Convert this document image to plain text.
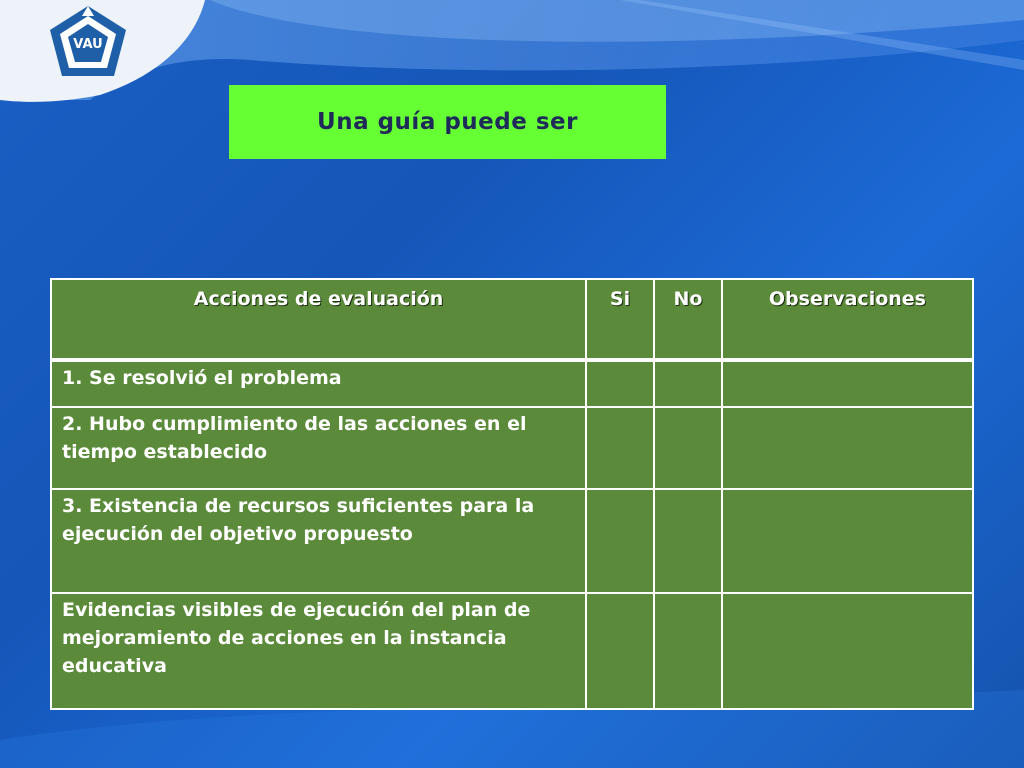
VAU
Una guía puede ser
Acciones de evaluación	Si	No	Observaciones
1. Se resolvió el problema			
2. Hubo cumplimiento de las acciones en el tiempo establecido			
3. Existencia de recursos suficientes para la ejecución del objetivo propuesto			
Evidencias visibles de ejecución del plan de mejoramiento de acciones en la instancia educativa			
